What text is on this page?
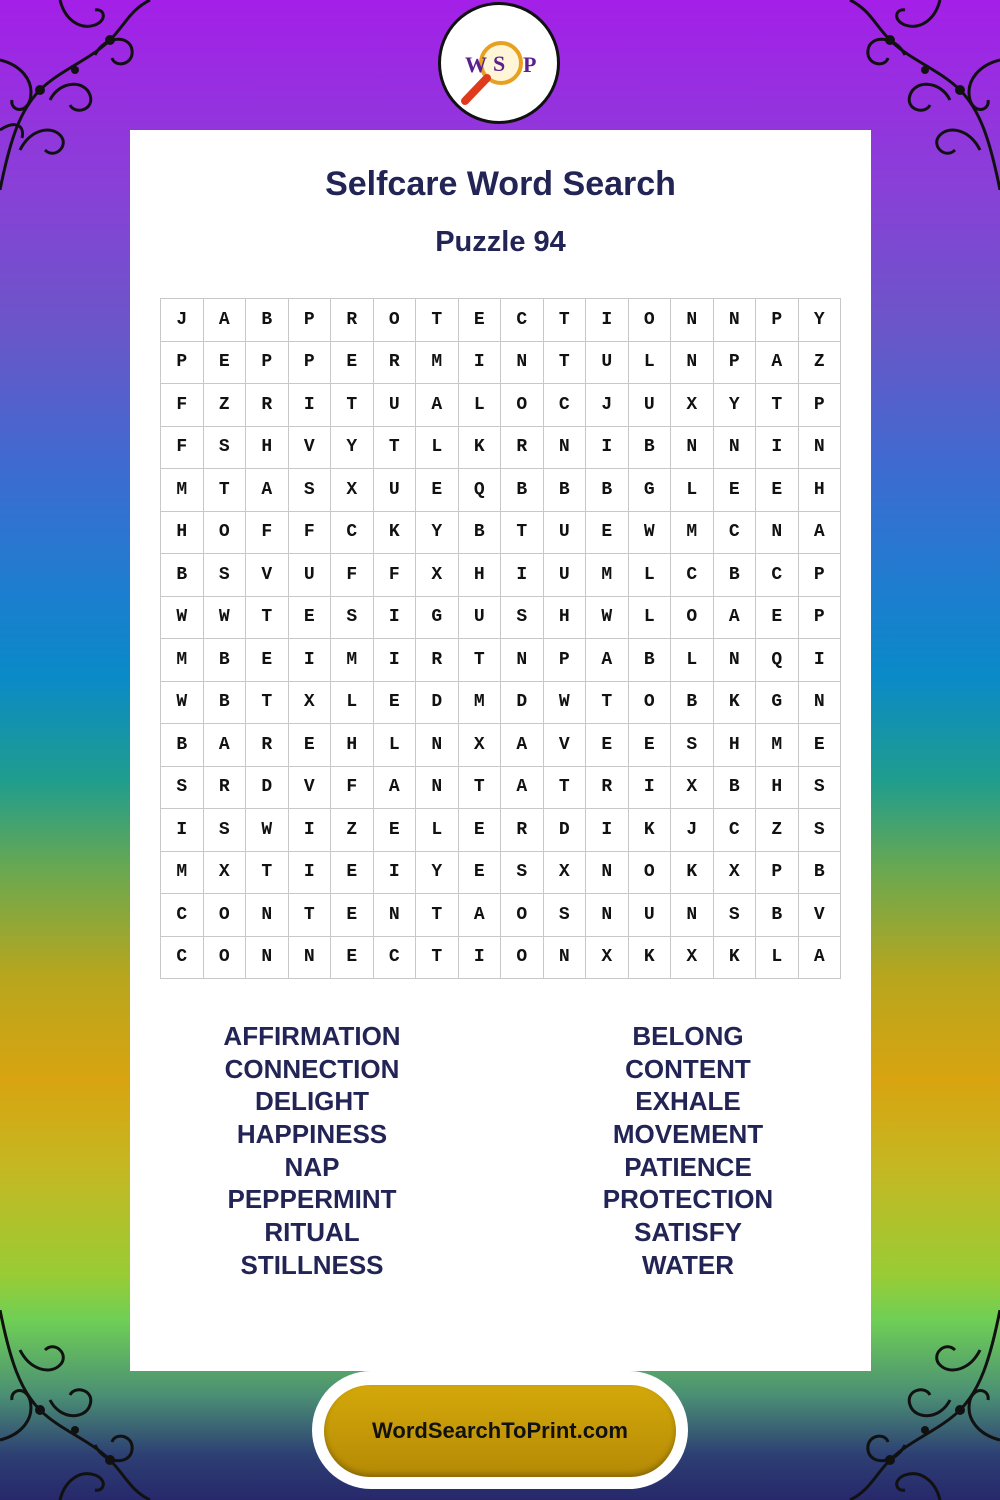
W S P
Selfcare Word Search
Puzzle 94
J	A	B	P	R	O	T	E	C	T	I	O	N	N	P	Y
P	E	P	P	E	R	M	I	N	T	U	L	N	P	A	Z
F	Z	R	I	T	U	A	L	O	C	J	U	X	Y	T	P
F	S	H	V	Y	T	L	K	R	N	I	B	N	N	I	N
M	T	A	S	X	U	E	Q	B	B	B	G	L	E	E	H
H	O	F	F	C	K	Y	B	T	U	E	W	M	C	N	A
B	S	V	U	F	F	X	H	I	U	M	L	C	B	C	P
W	W	T	E	S	I	G	U	S	H	W	L	O	A	E	P
M	B	E	I	M	I	R	T	N	P	A	B	L	N	Q	I
W	B	T	X	L	E	D	M	D	W	T	O	B	K	G	N
B	A	R	E	H	L	N	X	A	V	E	E	S	H	M	E
S	R	D	V	F	A	N	T	A	T	R	I	X	B	H	S
I	S	W	I	Z	E	L	E	R	D	I	K	J	C	Z	S
M	X	T	I	E	I	Y	E	S	X	N	O	K	X	P	B
C	O	N	T	E	N	T	A	O	S	N	U	N	S	B	V
C	O	N	N	E	C	T	I	O	N	X	K	X	K	L	A
AFFIRMATION
CONNECTION
DELIGHT
HAPPINESS
NAP
PEPPERMINT
RITUAL
STILLNESS
BELONG
CONTENT
EXHALE
MOVEMENT
PATIENCE
PROTECTION
SATISFY
WATER
WordSearchToPrint.com
